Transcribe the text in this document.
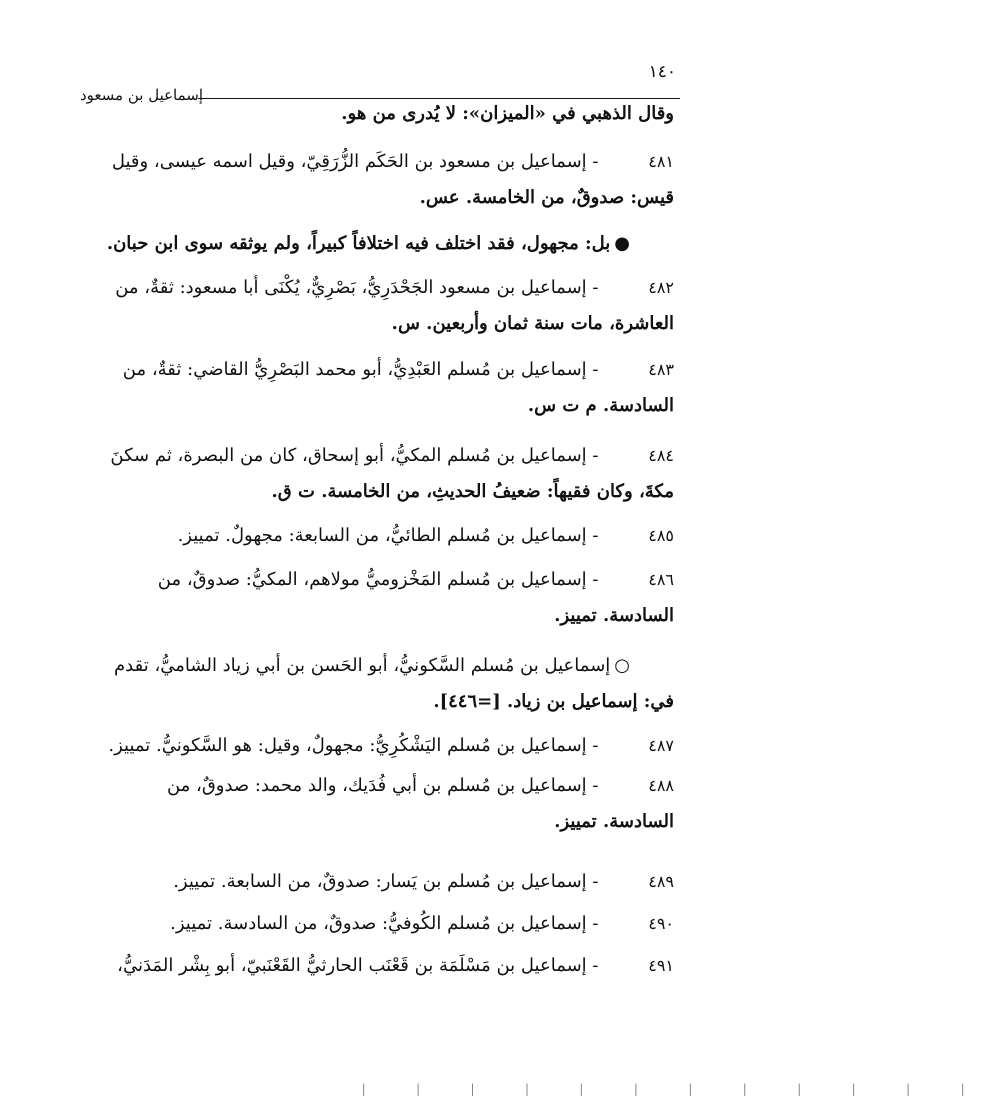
١٤٠
إسماعيل بن مسعود

وقال الذهبي في «الميزان»: لا يُدرى من هو.

٤٨١ - إسماعيل بن مسعود بن الحَكَم الزُّرَقِيّ، وقيل اسمه عيسى، وقيل
قيس: صدوقٌ، من الخامسة. عس.

●بل: مجهول، فقد اختلف فيه اختلافاً كبيراً، ولم يوثقه سوى ابن حبان.

٤٨٢ - إسماعيل بن مسعود الجَحْدَرِيُّ، بَصْرِيٌّ، يُكْنَى أبا مسعود: ثقةٌ، من
العاشرة، مات سنة ثمان وأربعين. س.

٤٨٣ - إسماعيل بن مُسلم العَبْدِيُّ، أبو محمد البَصْرِيُّ القاضي: ثقةٌ، من
السادسة. م ت س.

٤٨٤ - إسماعيل بن مُسلم المكيُّ، أبو إسحاق، كان من البصرة، ثم سكنَ
مكةَ، وكان فقيهاً: ضعيفُ الحديثِ، من الخامسة. ت ق.

٤٨٥ - إسماعيل بن مُسلم الطائيُّ، من السابعة: مجهولٌ. تمييز.

٤٨٦ - إسماعيل بن مُسلم المَخْزوميُّ مولاهم، المكيُّ: صدوقٌ، من
السادسة. تمييز.

○إسماعيل بن مُسلم السَّكونيُّ، أبو الحَسن بن أبي زياد الشاميُّ، تقدم
في: إسماعيل بن زياد. [=٤٤٦].

٤٨٧ - إسماعيل بن مُسلم اليَشْكُرِيُّ: مجهولٌ، وقيل: هو السَّكونيُّ. تمييز.

٤٨٨ - إسماعيل بن مُسلم بن أبي فُدَيك، والد محمد: صدوقٌ، من
السادسة. تمييز.

٤٨٩ - إسماعيل بن مُسلم بن يَسار: صدوقٌ، من السابعة. تمييز.

٤٩٠ - إسماعيل بن مُسلم الكُوفيُّ: صدوقٌ، من السادسة. تمييز.

٤٩١ - إسماعيل بن مَسْلَمَة بن قَعْنَب الحارثيُّ القَعْنَبيّ، أبو بِشْر المَدَنيُّ،

| | | | | | | | | | | |
